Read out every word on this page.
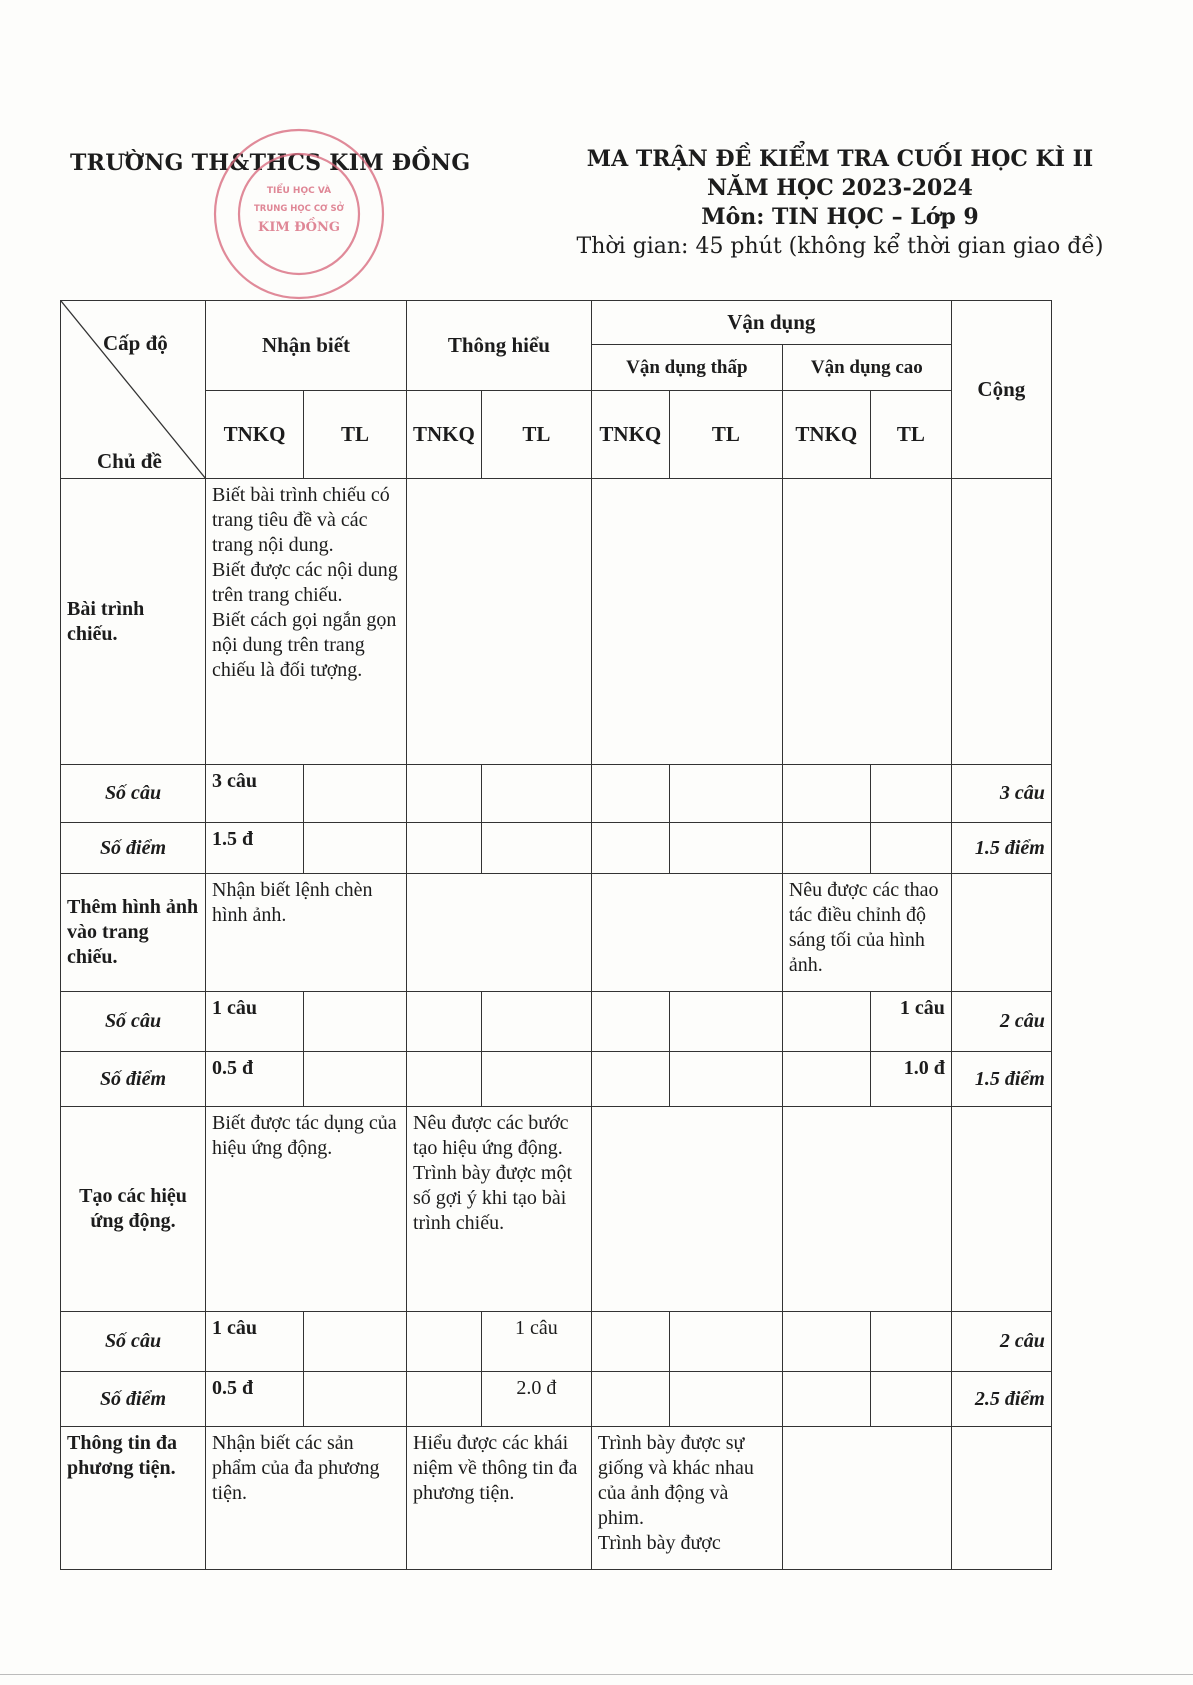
TRƯỜNG TH&THCS KIM ĐỒNG	MA TRẬN ĐỀ KIỂM TRA CUỐI HỌC KÌ II
NĂM HỌC 2023-2024
Môn: TIN HỌC – Lớp 9
Thời gian: 45 phút (không kể thời gian giao đề)
TIỂU HỌC VÀ
TRUNG HỌC CƠ SỞ
KIM ĐỒNG
Cấp độ
Chủ đề	Nhận biết		Thông hiểu		Vận dụng				Cộng
					Vận dụng thấp		Vận dụng cao		
	TNKQ	TL	TNKQ	TL	TNKQ	TL	TNKQ	TL	
Bài trình chiếu.	Biết bài trình chiếu có trang tiêu đề và các trang nội dung.
Biết được các nội dung trên trang chiếu.
Biết cách gọi ngắn gọn nội dung trên trang chiếu là đối tượng.								
Số câu	3 câu								3 câu
Số điểm	1.5 đ								1.5 điểm
Thêm hình ảnh vào trang chiếu.	Nhận biết lệnh chèn hình ảnh.						Nêu được các thao tác điều chỉnh độ sáng tối của hình ảnh.		
Số câu	1 câu							1 câu	2 câu
Số điểm	0.5 đ							1.0 đ	1.5 điểm
Tạo các hiệu ứng động.	Biết được tác dụng của hiệu ứng động.		Nêu được các bước tạo hiệu ứng động.
Trình bày được một số gợi ý khi tạo bài trình chiếu.						
Số câu	1 câu			1 câu					2 câu
Số điểm	0.5 đ			2.0 đ					2.5 điểm
Thông tin đa phương tiện.	Nhận biết các sản phẩm của đa phương tiện.		Hiểu được các khái niệm về thông tin đa phương tiện.		Trình bày được sự giống và khác nhau của ảnh động và phim.
Trình bày được				
